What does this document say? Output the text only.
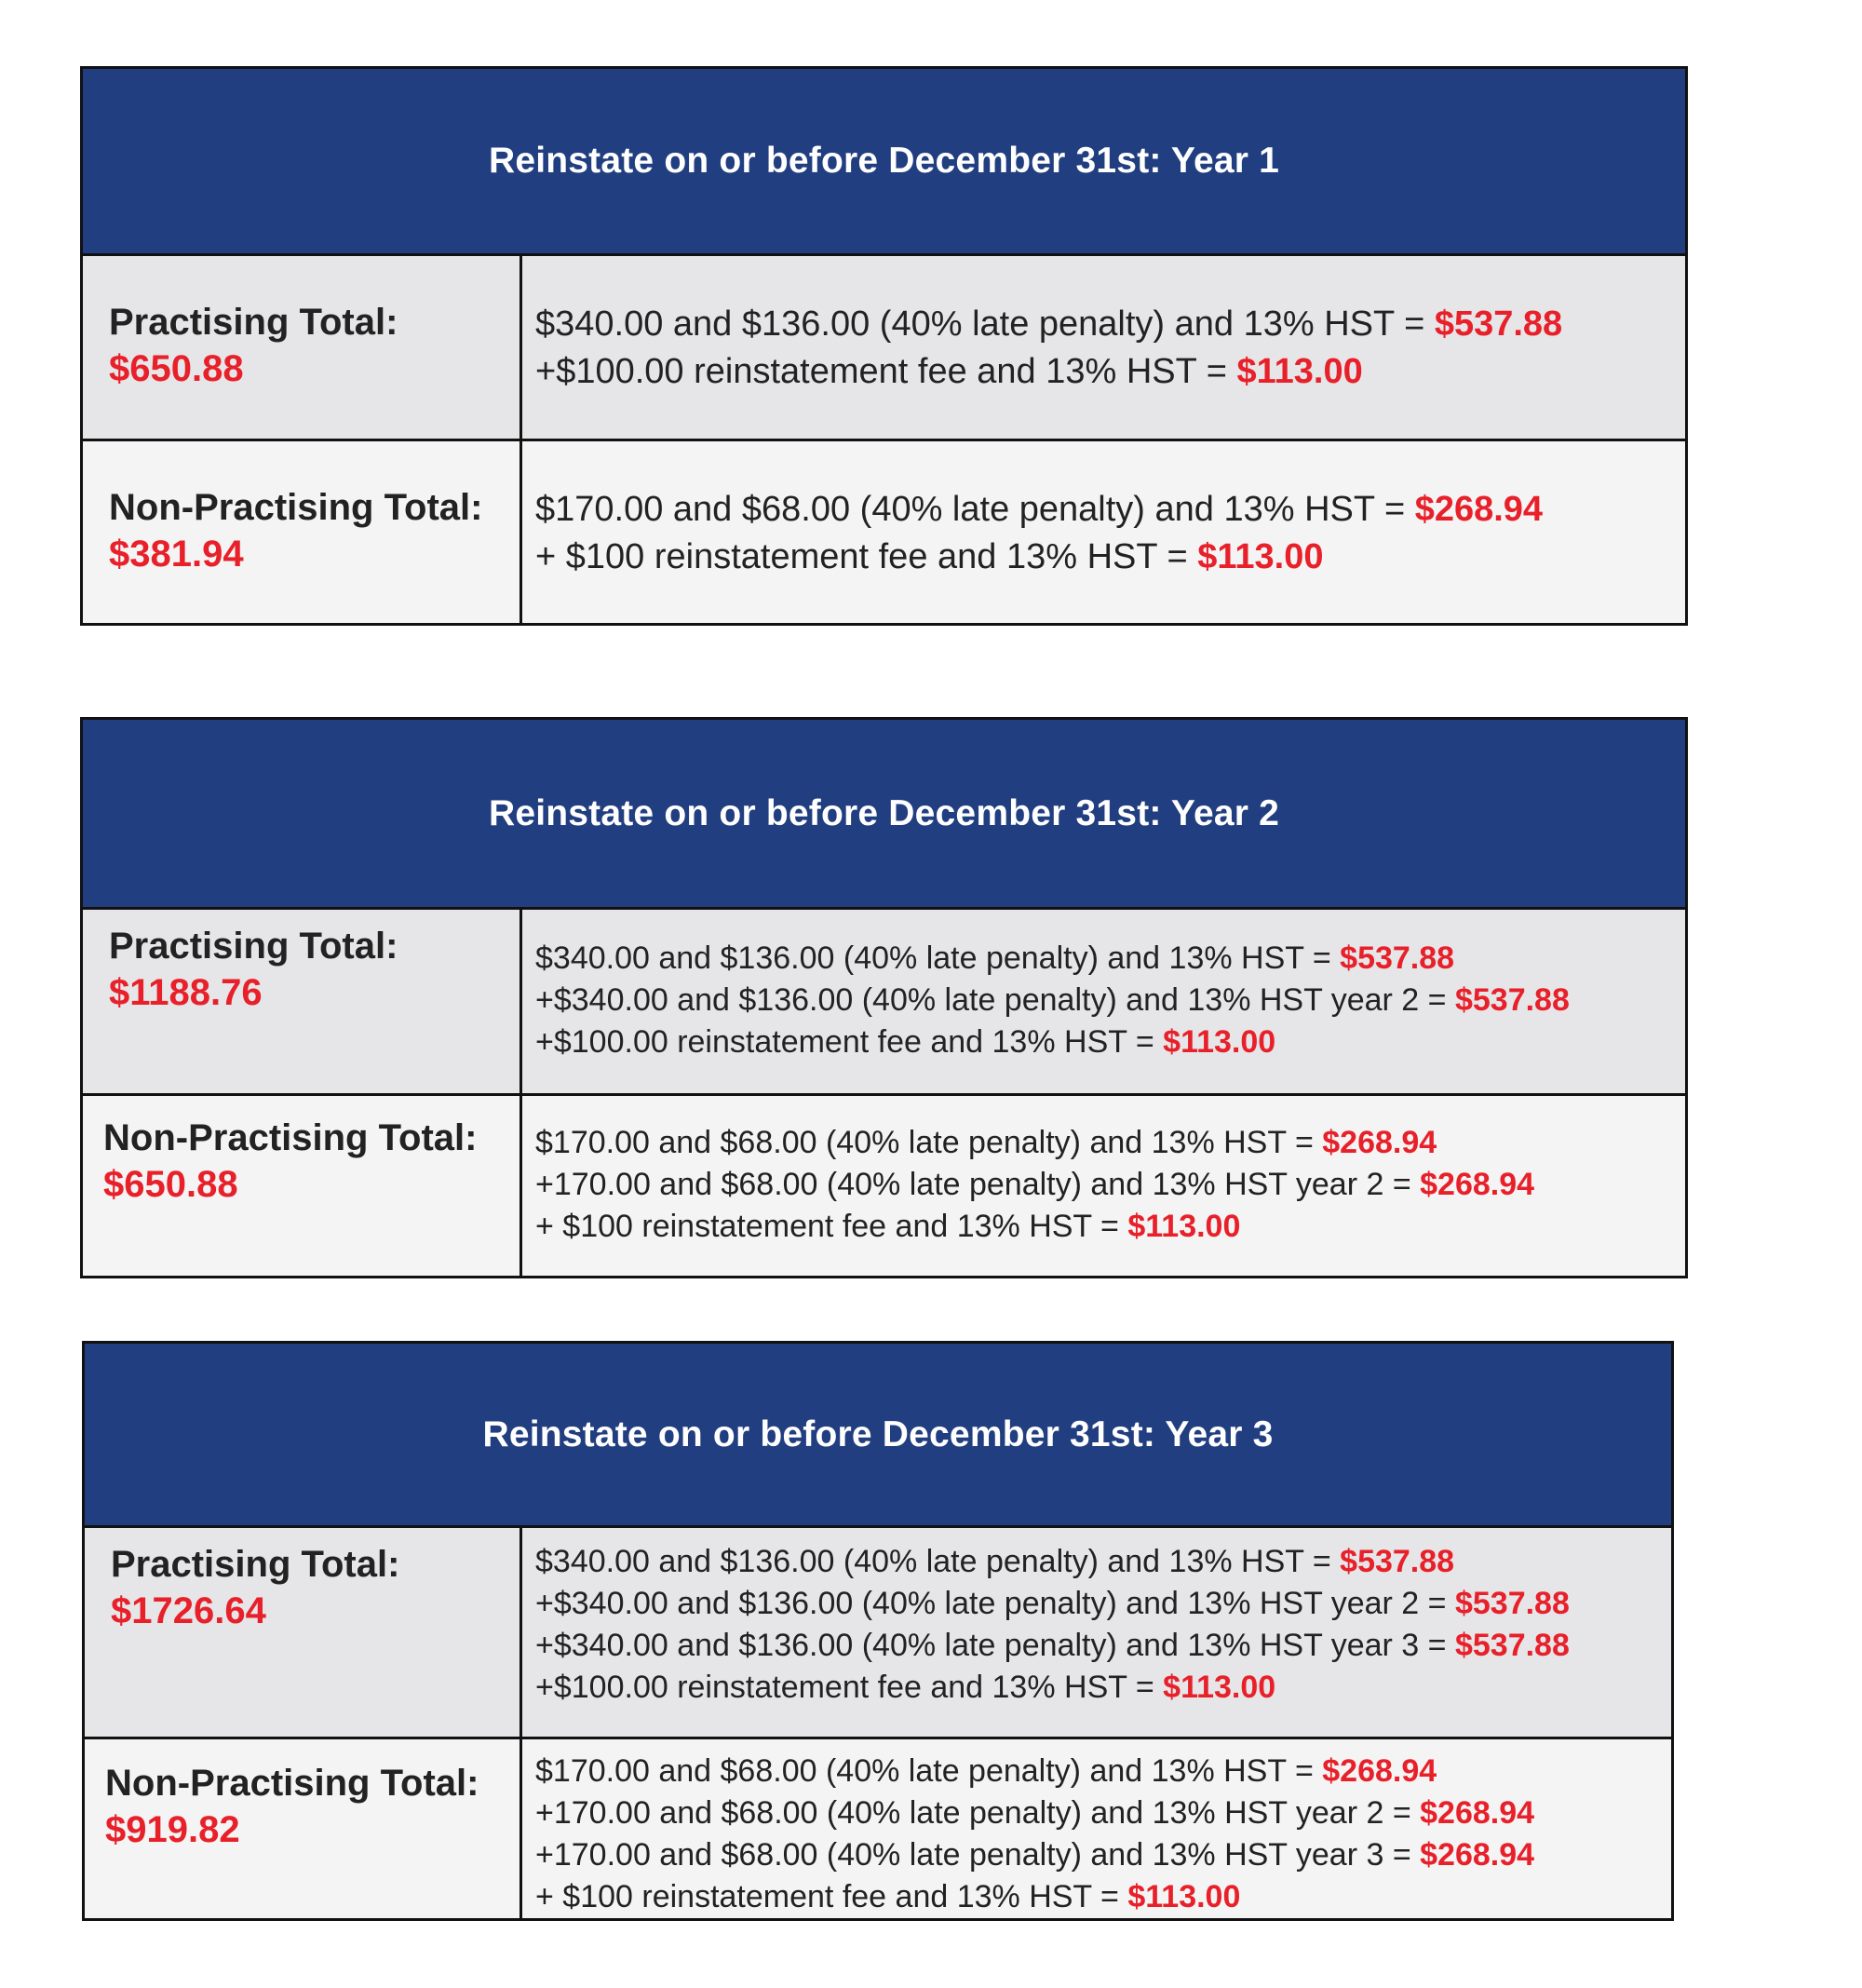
Reinstate on or before December 31st: Year 1
Practising Total:
$650.88
$340.00 and $136.00 (40% late penalty) and 13% HST = $537.88
+$100.00 reinstatement fee and 13% HST = $113.00
Non-Practising Total:
$381.94
$170.00 and $68.00 (40% late penalty) and 13% HST = $268.94
+ $100 reinstatement fee and 13% HST = $113.00
Reinstate on or before December 31st: Year 2
Practising Total:
$1188.76
$340.00 and $136.00 (40% late penalty) and 13% HST = $537.88
+$340.00 and $136.00 (40% late penalty) and 13% HST year 2 = $537.88
+$100.00 reinstatement fee and 13% HST = $113.00
Non-Practising Total:
$650.88
$170.00 and $68.00 (40% late penalty) and 13% HST = $268.94
+170.00 and $68.00 (40% late penalty) and 13% HST year 2 = $268.94
+ $100 reinstatement fee and 13% HST = $113.00
Reinstate on or before December 31st: Year 3
Practising Total:
$1726.64
$340.00 and $136.00 (40% late penalty) and 13% HST = $537.88
+$340.00 and $136.00 (40% late penalty) and 13% HST year 2 = $537.88
+$340.00 and $136.00 (40% late penalty) and 13% HST year 3 = $537.88
+$100.00 reinstatement fee and 13% HST = $113.00
Non-Practising Total:
$919.82
$170.00 and $68.00 (40% late penalty) and 13% HST = $268.94
+170.00 and $68.00 (40% late penalty) and 13% HST year 2 = $268.94
+170.00 and $68.00 (40% late penalty) and 13% HST year 3 = $268.94
+ $100 reinstatement fee and 13% HST = $113.00
